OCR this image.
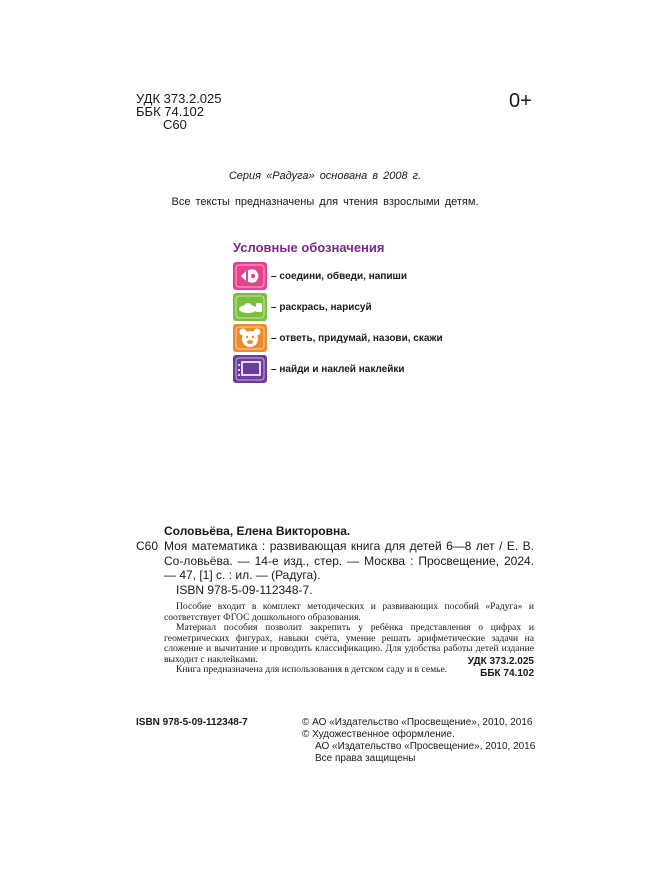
УДК 373.2.025
ББК 74.102
С60
0+
Серия «Радуга» основана в 2008 г.
Все тексты предназначены для чтения взрослыми детям.
Условные обозначения
– соедини, обведи, напиши
– раскрась, нарисуй
– ответь, придумай, назови, скажи
– найди и наклей наклейки
Соловьёва, Елена Викторовна.
С60 Моя математика : развивающая книга для детей 6—8 лет / Е. В. Со-ловьёва. — 14-е изд., стер. — Москва : Просвещение, 2024. — 47, [1] с. : ил. — (Радуга).
ISBN 978-5-09-112348-7.

Пособие входит в комплект методических и развивающих пособий «Радуга» и соответствует ФГОС дошкольного образования.

Материал пособия позволит закрепить у ребёнка представления о цифрах и геометрических фигурах, навыки счёта, умение решать арифметические задачи на сложение и вычитание и проводить классификацию. Для удобства работы детей издание выходит с наклейками.

Книга предназначена для использования в детском саду и в семье.

УДК 373.2.025
ББК 74.102
ISBN 978-5-09-112348-7	© АО «Издательство «Просвещение», 2010, 2016
© Художественное оформление.
АО «Издательство «Просвещение», 2010, 2016
Все права защищены
